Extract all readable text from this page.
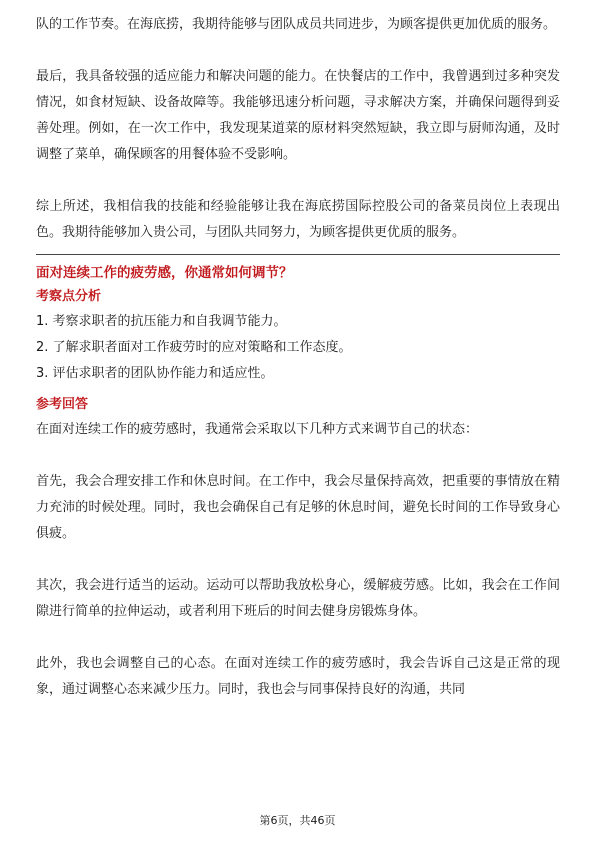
队的工作节奏。在海底捞，我期待能够与团队成员共同进步，为顾客提供更加优质的服务。

最后，我具备较强的适应能力和解决问题的能力。在快餐店的工作中，我曾遇到过多种突发情况，如食材短缺、设备故障等。我能够迅速分析问题，寻求解决方案，并确保问题得到妥善处理。例如，在一次工作中，我发现某道菜的原材料突然短缺，我立即与厨师沟通，及时调整了菜单，确保顾客的用餐体验不受影响。

综上所述，我相信我的技能和经验能够让我在海底捞国际控股公司的备菜员岗位上表现出色。我期待能够加入贵公司，与团队共同努力，为顾客提供更优质的服务。

面对连续工作的疲劳感，你通常如何调节？
考察点分析
1. 考察求职者的抗压能力和自我调节能力。
2. 了解求职者面对工作疲劳时的应对策略和工作态度。
3. 评估求职者的团队协作能力和适应性。
参考回答

在面对连续工作的疲劳感时，我通常会采取以下几种方式来调节自己的状态：

首先，我会合理安排工作和休息时间。在工作中，我会尽量保持高效，把重要的事情放在精力充沛的时候处理。同时，我也会确保自己有足够的休息时间，避免长时间的工作导致身心俱疲。

其次，我会进行适当的运动。运动可以帮助我放松身心，缓解疲劳感。比如，我会在工作间隙进行简单的拉伸运动，或者利用下班后的时间去健身房锻炼身体。

此外，我也会调整自己的心态。在面对连续工作的疲劳感时，我会告诉自己这是正常的现象，通过调整心态来减少压力。同时，我也会与同事保持良好的沟通，共同

第6页，共46页
